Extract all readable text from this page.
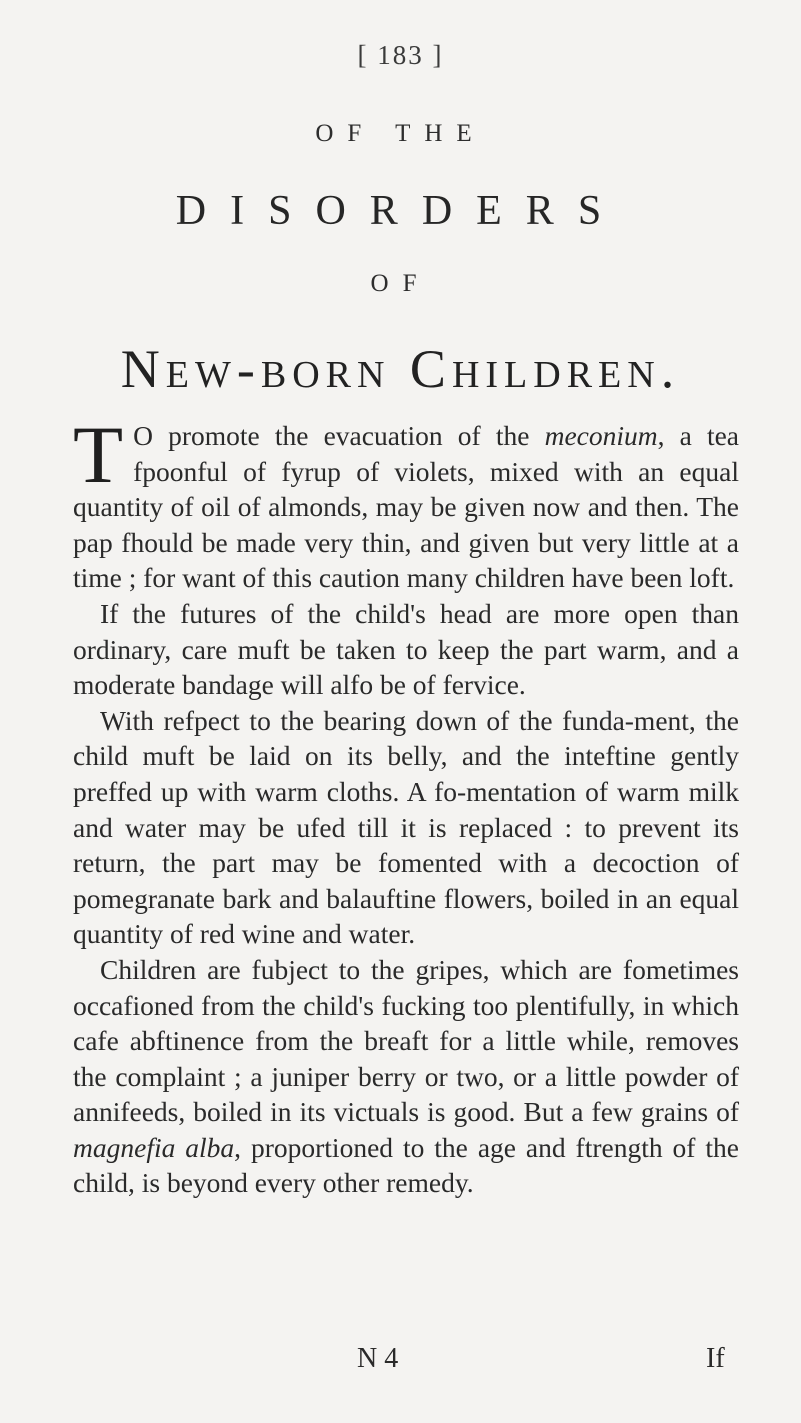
[ 183 ]
OF THE
DISORDERS
OF
New-born Children.

T O promote the evacuation of the meconium, a tea fpoonful of fyrup of violets, mixed with an equal quantity of oil of almonds, may be given now and then. The pap fhould be made very thin, and given but very little at a time ; for want of this caution many children have been loft.

If the futures of the child's head are more open than ordinary, care muft be taken to keep the part warm, and a moderate bandage will alfo be of fervice.

With refpect to the bearing down of the funda-ment, the child muft be laid on its belly, and the inteftine gently preffed up with warm cloths. A fo-mentation of warm milk and water may be ufed till it is replaced : to prevent its return, the part may be fomented with a decoction of pomegranate bark and balauftine flowers, boiled in an equal quantity of red wine and water.

Children are fubject to the gripes, which are fometimes occafioned from the child's fucking too plentifully, in which cafe abftinence from the breaft for a little while, removes the complaint ; a juniper berry or two, or a little powder of annifeeds, boiled in its victuals is good. But a few grains of magnefia alba, proportioned to the age and ftrength of the child, is beyond every other remedy.

N 4	If
